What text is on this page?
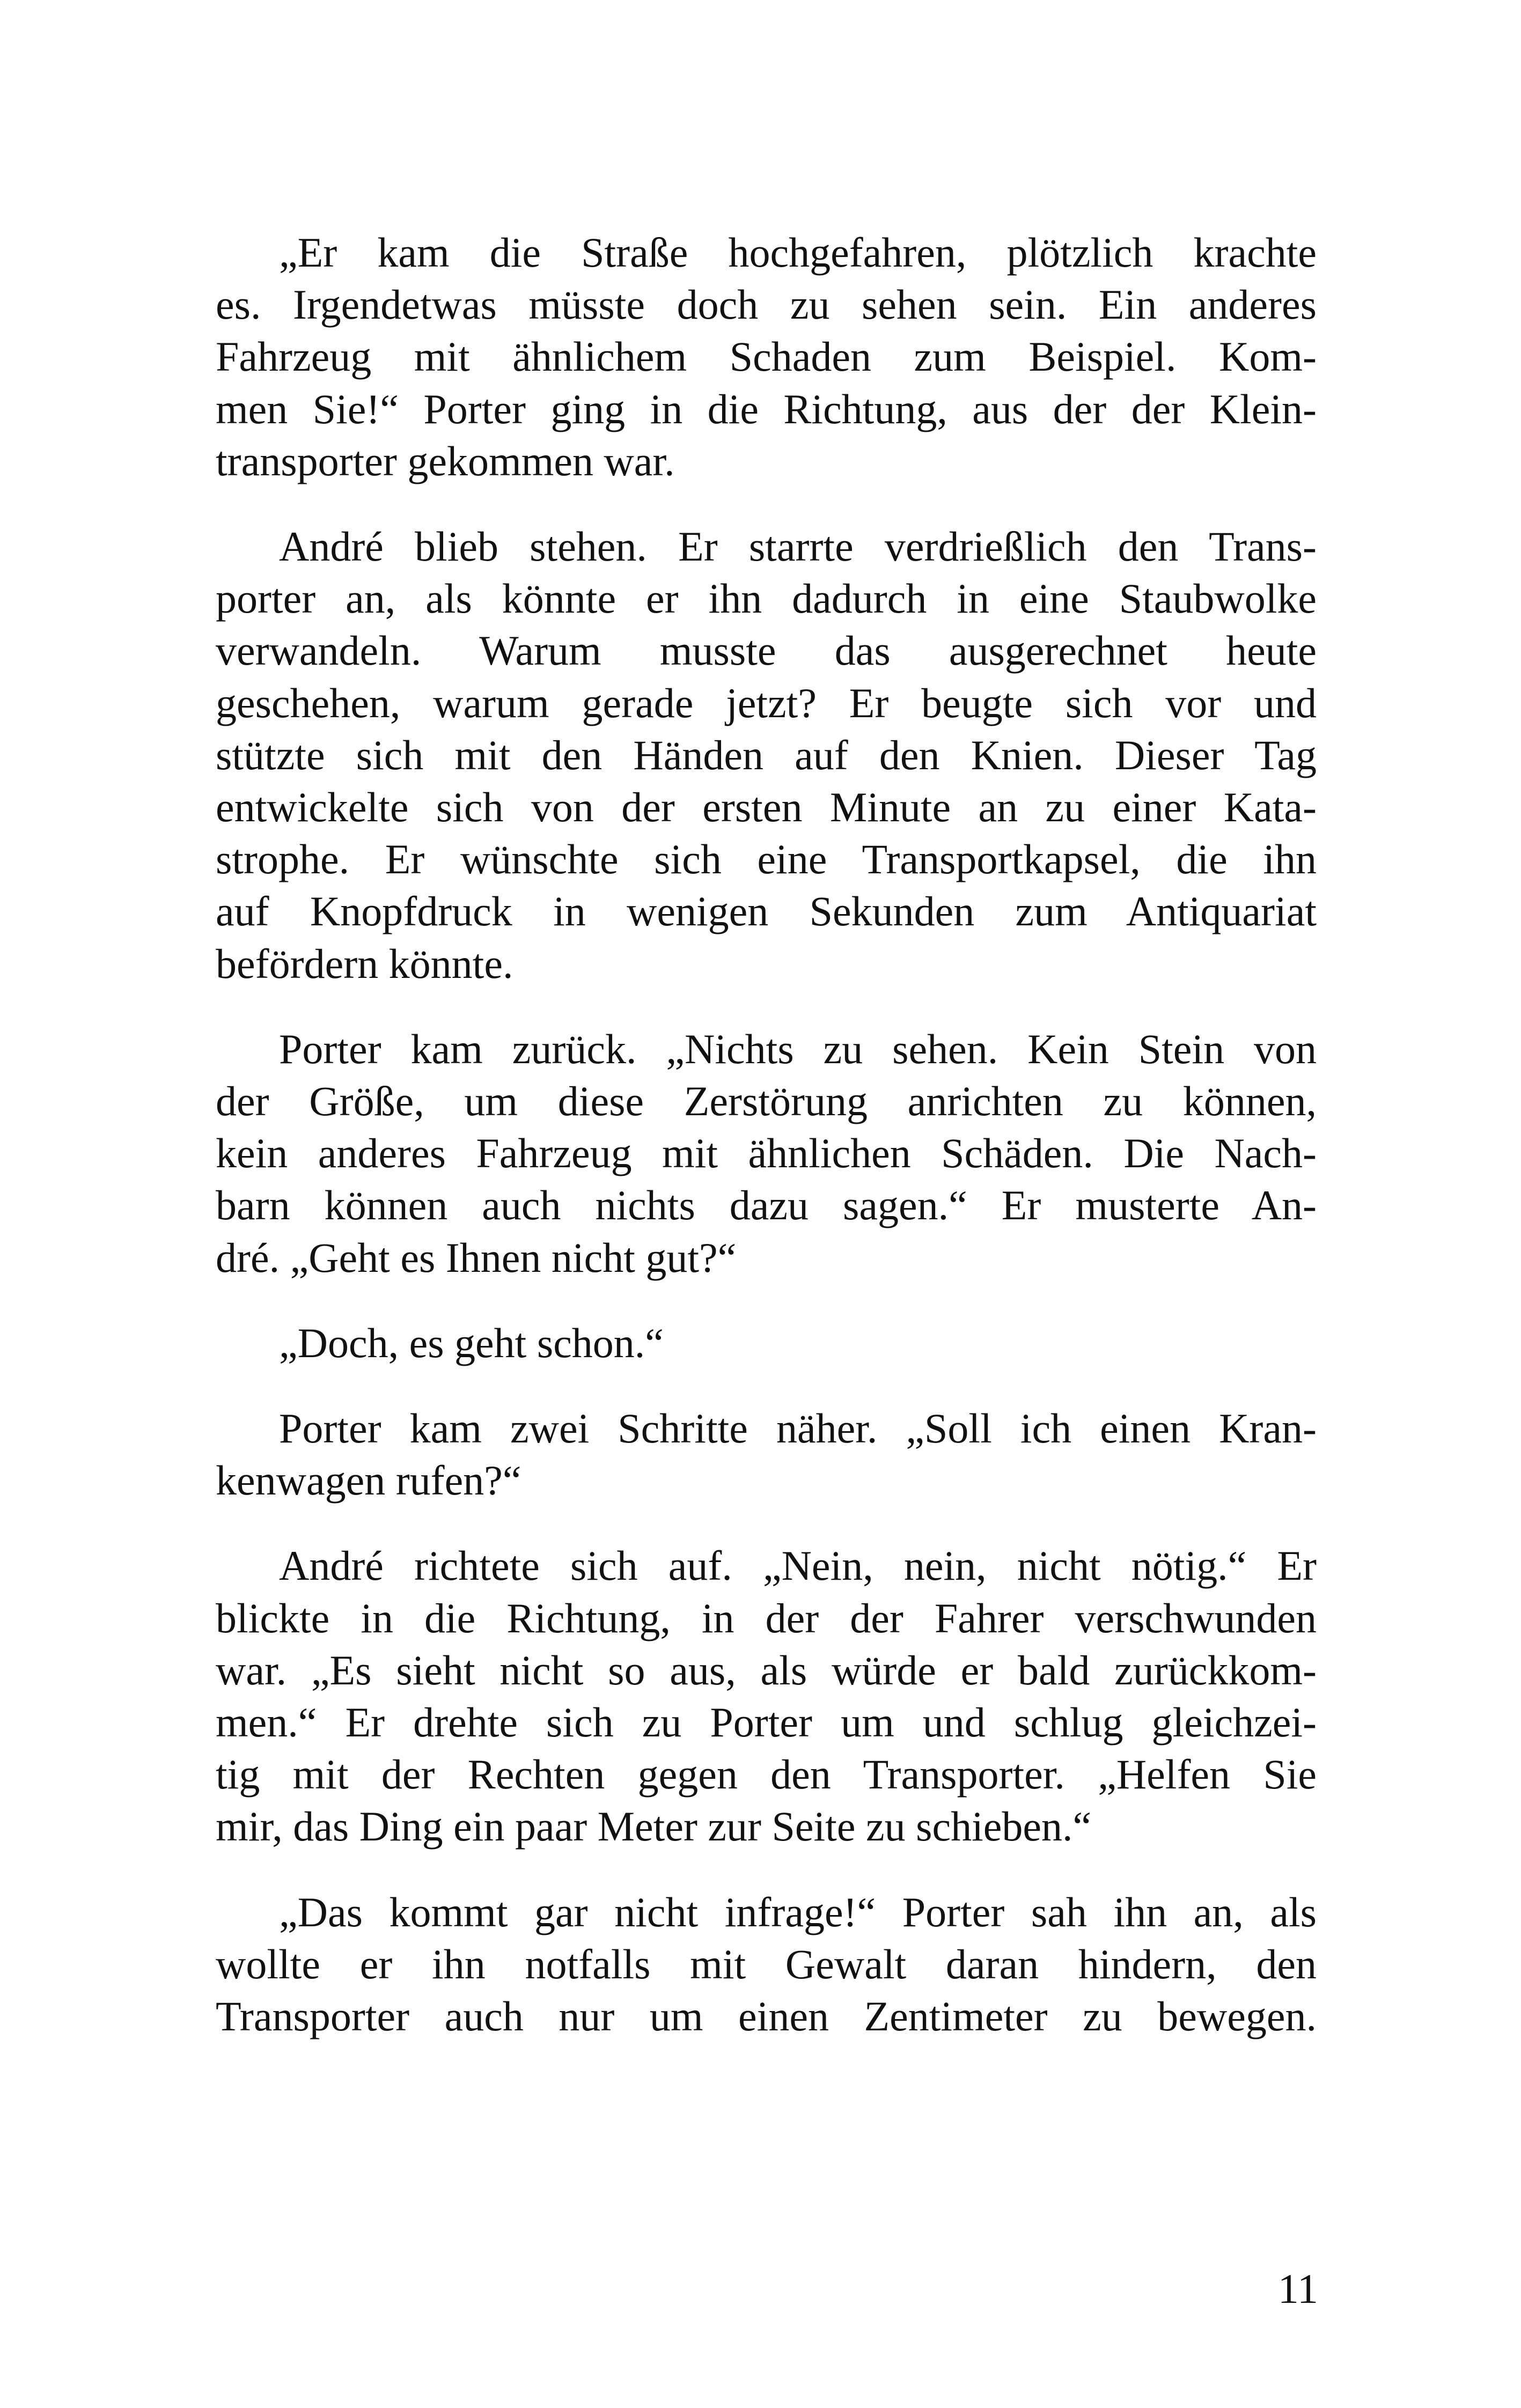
„Er kam die Straße hochgefahren, plötzlich krachte
es. Irgendetwas müsste doch zu sehen sein. Ein anderes
Fahrzeug mit ähnlichem Schaden zum Beispiel. Kom-
men Sie!“ Porter ging in die Richtung, aus der der Klein-
transporter gekommen war.

André blieb stehen. Er starrte verdrießlich den Trans-
porter an, als könnte er ihn dadurch in eine Staubwolke
verwandeln. Warum musste das ausgerechnet heute
geschehen, warum gerade jetzt? Er beugte sich vor und
stützte sich mit den Händen auf den Knien. Dieser Tag
entwickelte sich von der ersten Minute an zu einer Kata-
strophe. Er wünschte sich eine Transportkapsel, die ihn
auf Knopfdruck in wenigen Sekunden zum Antiquariat
befördern könnte.

Porter kam zurück. „Nichts zu sehen. Kein Stein von
der Größe, um diese Zerstörung anrichten zu können,
kein anderes Fahrzeug mit ähnlichen Schäden. Die Nach-
barn können auch nichts dazu sagen.“ Er musterte An-
dré. „Geht es Ihnen nicht gut?“

„Doch, es geht schon.“

Porter kam zwei Schritte näher. „Soll ich einen Kran-
kenwagen rufen?“

André richtete sich auf. „Nein, nein, nicht nötig.“ Er
blickte in die Richtung, in der der Fahrer verschwunden
war. „Es sieht nicht so aus, als würde er bald zurückkom-
men.“ Er drehte sich zu Porter um und schlug gleichzei-
tig mit der Rechten gegen den Transporter. „Helfen Sie
mir, das Ding ein paar Meter zur Seite zu schieben.“

„Das kommt gar nicht infrage!“ Porter sah ihn an, als
wollte er ihn notfalls mit Gewalt daran hindern, den
Transporter auch nur um einen Zentimeter zu bewegen.

11
